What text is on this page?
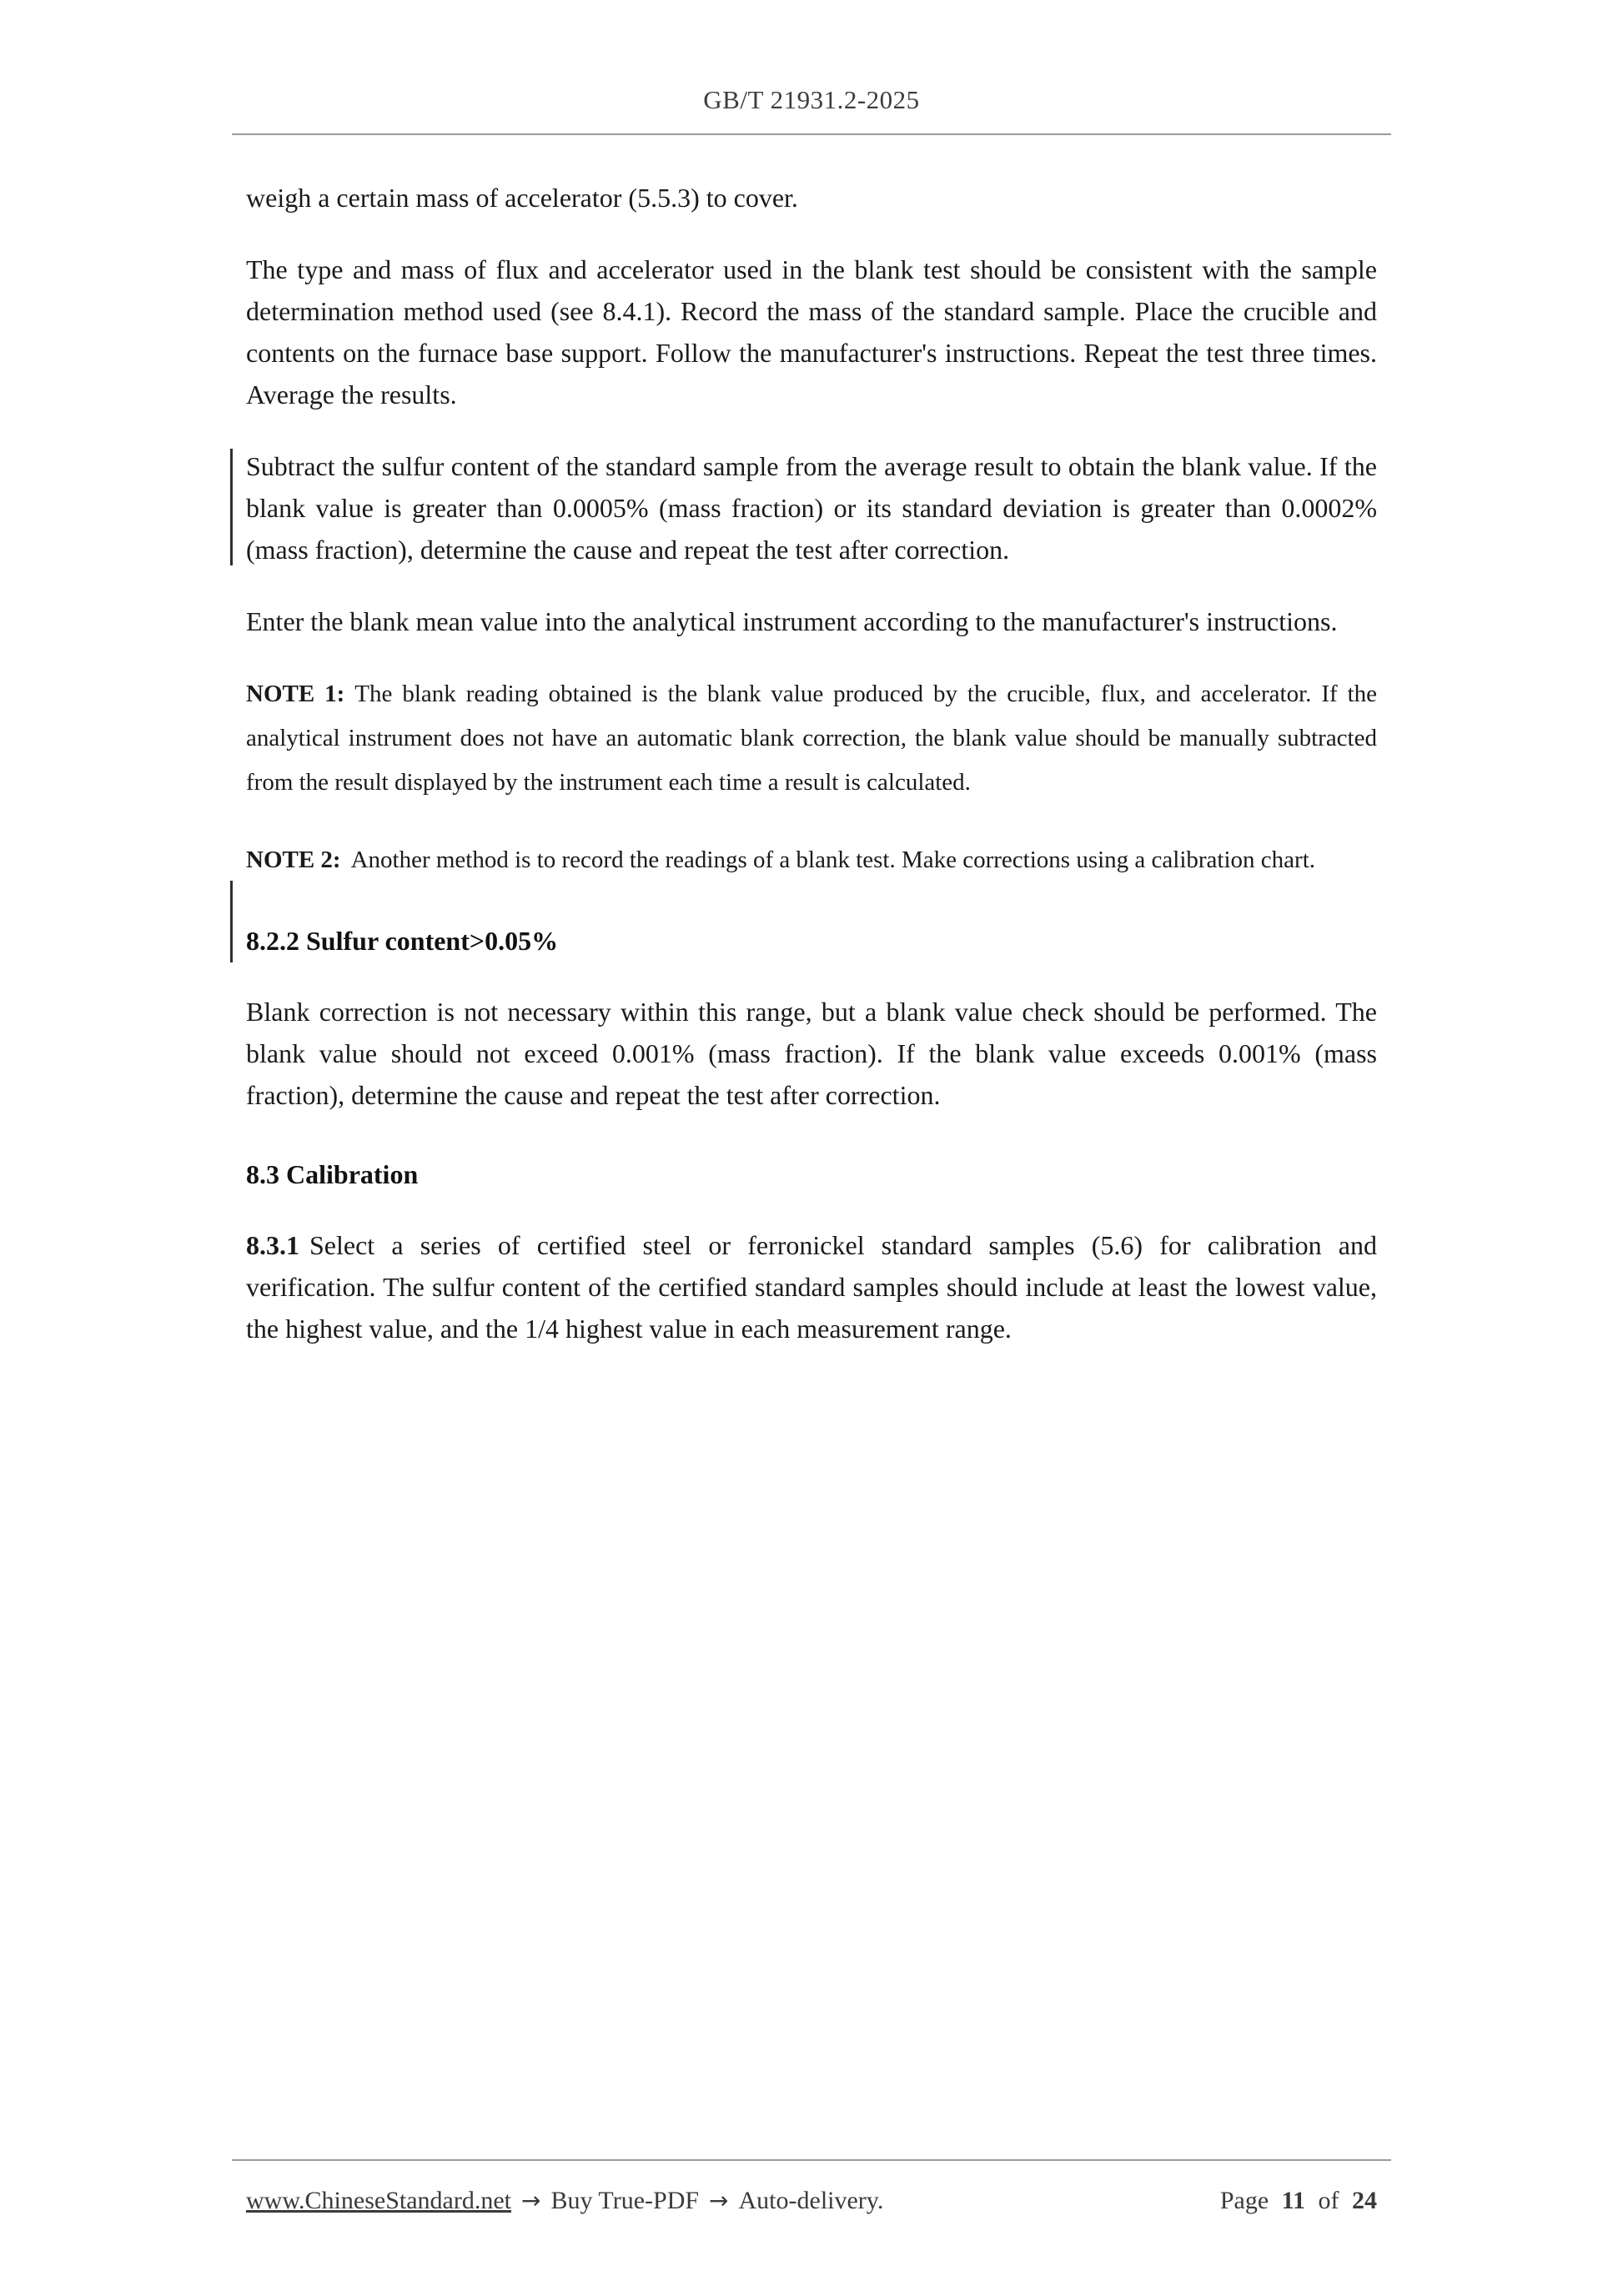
GB/T 21931.2-2025

weigh a certain mass of accelerator (5.5.3) to cover.

The type and mass of flux and accelerator used in the blank test should be consistent with the sample determination method used (see 8.4.1). Record the mass of the standard sample. Place the crucible and contents on the furnace base support. Follow the manufacturer's instructions. Repeat the test three times. Average the results.

Subtract the sulfur content of the standard sample from the average result to obtain the blank value. If the blank value is greater than 0.0005% (mass fraction) or its standard deviation is greater than 0.0002% (mass fraction), determine the cause and repeat the test after correction.

Enter the blank mean value into the analytical instrument according to the manufacturer's instructions.

NOTE 1: The blank reading obtained is the blank value produced by the crucible, flux, and accelerator. If the analytical instrument does not have an automatic blank correction, the blank value should be manually subtracted from the result displayed by the instrument each time a result is calculated.

NOTE 2: Another method is to record the readings of a blank test. Make corrections using a calibration chart.

8.2.2 Sulfur content>0.05%

Blank correction is not necessary within this range, but a blank value check should be performed. The blank value should not exceed 0.001% (mass fraction). If the blank value exceeds 0.001% (mass fraction), determine the cause and repeat the test after correction.

8.3 Calibration

8.3.1 Select a series of certified steel or ferronickel standard samples (5.6) for calibration and verification. The sulfur content of the certified standard samples should include at least the lowest value, the highest value, and the 1/4 highest value in each measurement range.

www.ChineseStandard.net → Buy True-PDF → Auto-delivery.	Page 11 of 24
